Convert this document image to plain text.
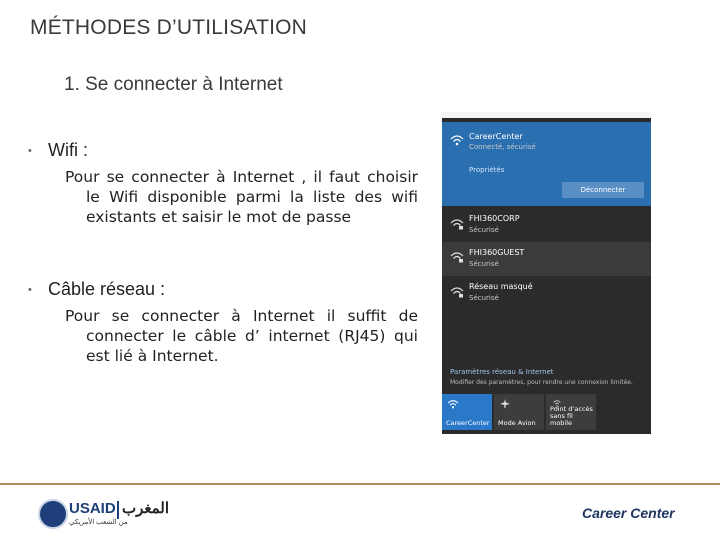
MÉTHODES D’UTILISATION
1. Se connecter à Internet
• Wifi :
Pour se connecter à Internet , il faut choisir le Wifi disponible parmi la liste des wifi existants et saisir le mot de passe
• Câble réseau :
Pour se connecter à Internet il suffit de connecter le câble d’ internet (RJ45) qui est lié à Internet.
CareerCenter
Connecté, sécurisé
Propriétés
Déconnecter
FHI360CORP
Sécurisé
FHI360GUEST
Sécurisé
Réseau masqué
Sécurisé
Paramètres réseau & Internet
Modifier des paramètres, pour rendre une connexion limitée.
CareerCenter Mode Avion
Point d’accès sans fil mobile
USAID المغرب
من الشعب الأمريكي
Career Center
